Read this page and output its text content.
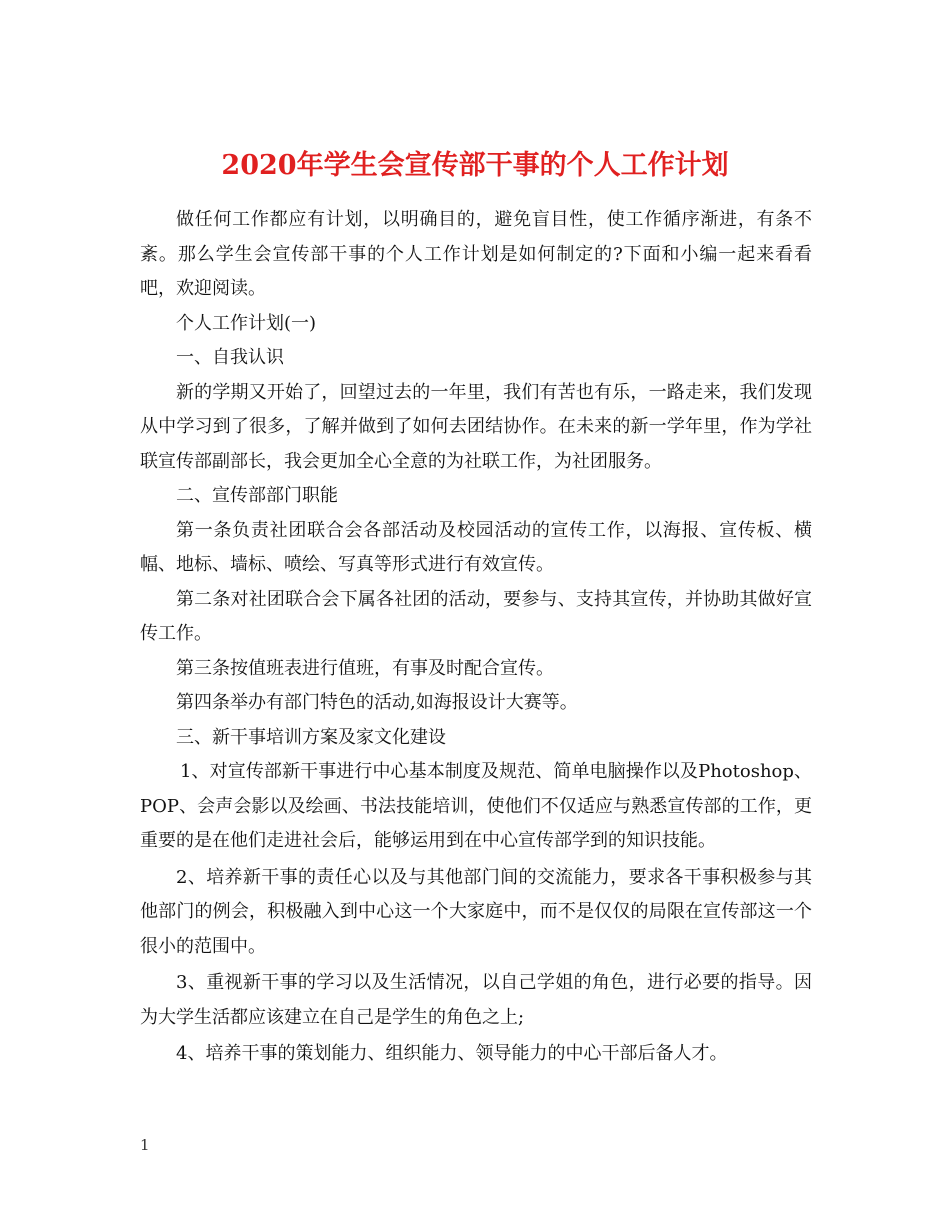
2020年学生会宣传部干事的个人工作计划

做任何工作都应有计划，以明确目的，避免盲目性，使工作循序渐进，有条不紊。那么学生会宣传部干事的个人工作计划是如何制定的?下面和小编一起来看看吧，欢迎阅读。

个人工作计划(一)

一、自我认识

新的学期又开始了，回望过去的一年里，我们有苦也有乐，一路走来，我们发现从中学习到了很多，了解并做到了如何去团结协作。在未来的新一学年里，作为学社联宣传部副部长，我会更加全心全意的为社联工作，为社团服务。

二、宣传部部门职能

第一条负责社团联合会各部活动及校园活动的宣传工作，以海报、宣传板、横幅、地标、墙标、喷绘、写真等形式进行有效宣传。

第二条对社团联合会下属各社团的活动，要参与、支持其宣传，并协助其做好宣传工作。

第三条按值班表进行值班，有事及时配合宣传。

第四条举办有部门特色的活动,如海报设计大赛等。

三、新干事培训方案及家文化建设

1、对宣传部新干事进行中心基本制度及规范、简单电脑操作以及Photoshop、POP、会声会影以及绘画、书法技能培训，使他们不仅适应与熟悉宣传部的工作，更重要的是在他们走进社会后，能够运用到在中心宣传部学到的知识技能。

2、培养新干事的责任心以及与其他部门间的交流能力，要求各干事积极参与其他部门的例会，积极融入到中心这一个大家庭中，而不是仅仅的局限在宣传部这一个很小的范围中。

3、重视新干事的学习以及生活情况，以自己学姐的角色，进行必要的指导。因为大学生活都应该建立在自己是学生的角色之上;

4、培养干事的策划能力、组织能力、领导能力的中心干部后备人才。

1
